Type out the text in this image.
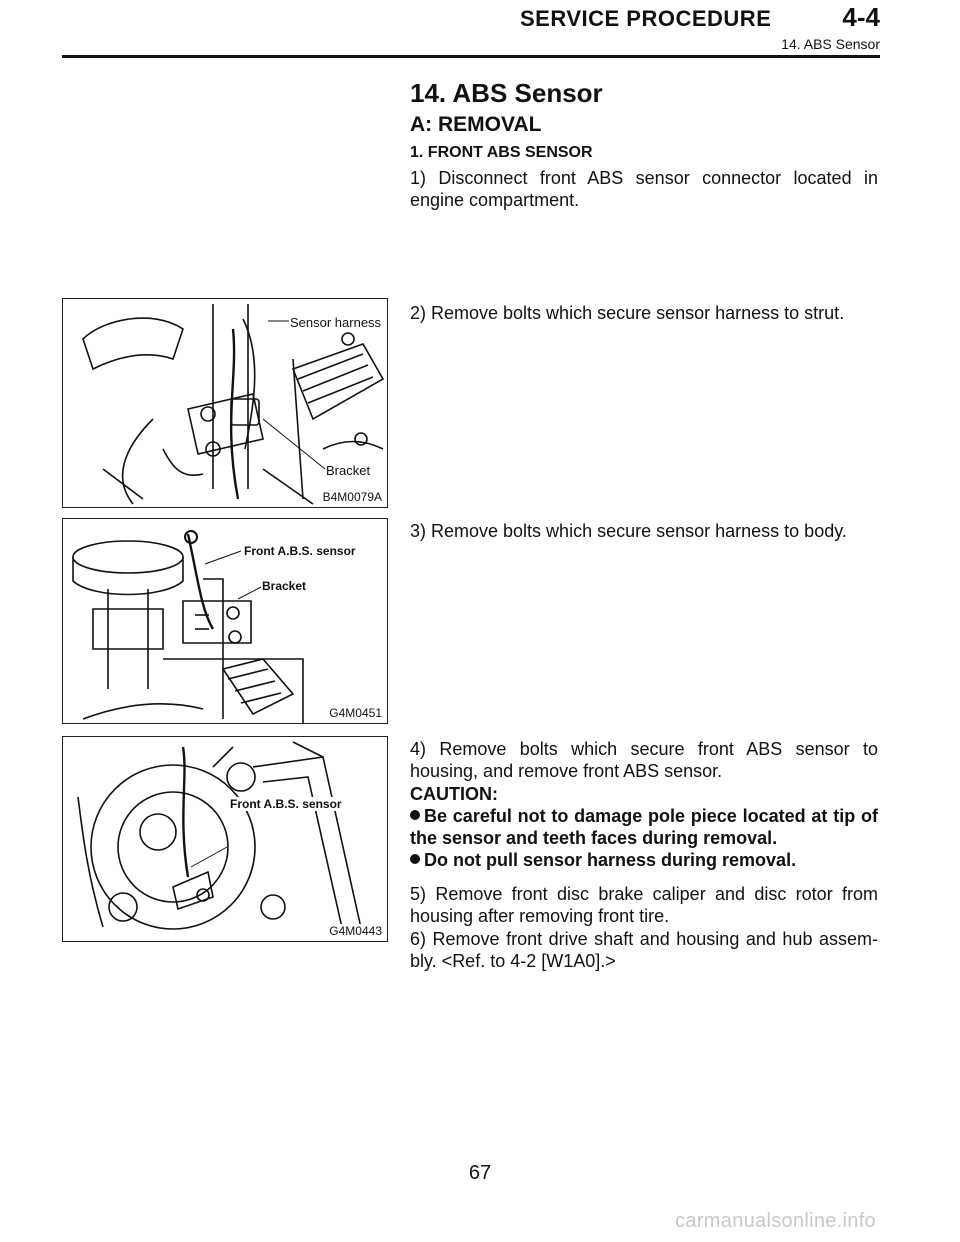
SERVICE PROCEDURE	4-4
14. ABS Sensor
14. ABS Sensor
A: REMOVAL
1. FRONT ABS SENSOR
1) Disconnect front ABS sensor connector located in engine compartment.
2) Remove bolts which secure sensor harness to strut.
3) Remove bolts which secure sensor harness to body.
4) Remove bolts which secure front ABS sensor to housing, and remove front ABS sensor.
CAUTION:
Be careful not to damage pole piece located at tip of the sensor and teeth faces during removal.
Do not pull sensor harness during removal.
5) Remove front disc brake caliper and disc rotor from housing after removing front tire.
6) Remove front drive shaft and housing and hub assem-bly. <Ref. to 4-2 [W1A0].>
Sensor harness
Bracket
B4M0079A
Front A.B.S. sensor
Bracket
G4M0451
Front A.B.S. sensor
G4M0443
67
carmanualsonline.info
